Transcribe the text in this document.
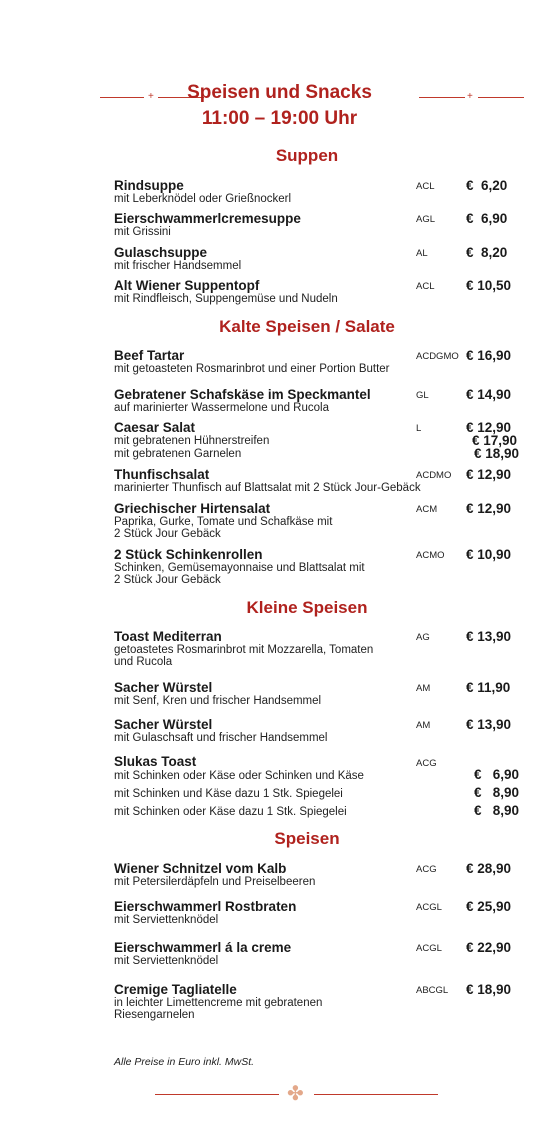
+	+
Speisen und Snacks
11:00 – 19:00 Uhr
Suppen
Rindsuppe	ACL €  6,20
mit Leberknödel oder Grießnockerl
Eierschwammerlcremesuppe	AGL €  6,90
mit Grissini
Gulaschsuppe	AL	€  8,20
mit frischer Handsemmel
Alt Wiener Suppentopf	ACL € 10,50
mit Rindfleisch, Suppengemüse und Nudeln
Kalte Speisen / Salate
Beef Tartar	ACDGMO € 16,90
mit getoasteten Rosmarinbrot und einer Portion Butter
Gebratener Schafskäse im Speckmantel	GL	€ 14,90
auf marinierter Wassermelone und Rucola
Caesar Salat	L	€ 12,90
mit gebratenen Hühnerstreifen	€ 17,90
mit gebratenen Garnelen	€ 18,90
Thunfischsalat	ACDMO € 12,90
marinierter Thunfisch auf Blattsalat mit 2 Stück Jour-Gebäck
Griechischer Hirtensalat	ACM € 12,90
Paprika, Gurke, Tomate und Schafkäse mit
2 Stück Jour Gebäck
2 Stück Schinkenrollen	ACMO € 10,90
Schinken, Gemüsemayonnaise und Blattsalat mit
2 Stück Jour Gebäck
Kleine Speisen
Toast Mediterran	AG	€ 13,90
getoastetes Rosmarinbrot mit Mozzarella, Tomaten
und Rucola
Sacher Würstel	AM	€ 11,90
mit Senf, Kren und frischer Handsemmel
Sacher Würstel	AM	€ 13,90
mit Gulaschsaft und frischer Handsemmel
Slukas Toast	ACG
mit Schinken oder Käse oder Schinken und Käse	€   6,90
mit Schinken und Käse dazu 1 Stk. Spiegelei	€   8,90
mit Schinken oder Käse dazu 1 Stk. Spiegelei	€   8,90
Speisen
Wiener Schnitzel vom Kalb	ACG € 28,90
mit Petersilerdäpfeln und Preiselbeeren
Eierschwammerl Rostbraten	ACGL € 25,90
mit Serviettenknödel
Eierschwammerl á la creme	ACGL € 22,90
mit Serviettenknödel
Cremige Tagliatelle	ABCGL € 18,90
in leichter Limettencreme mit gebratenen
Riesengarnelen
Alle Preise in Euro inkl. MwSt.
✤
